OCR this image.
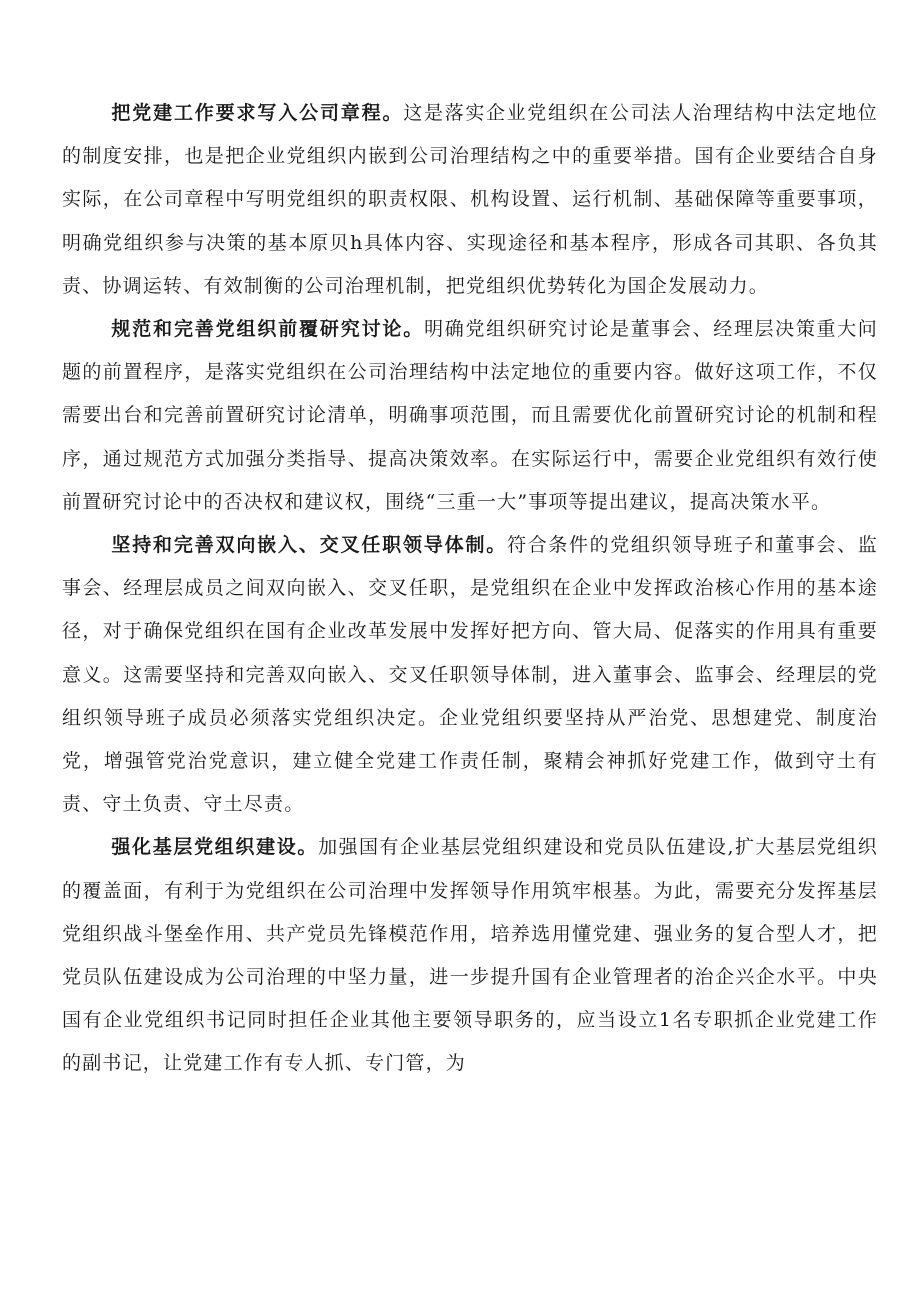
把党建工作要求写入公司章程。这是落实企业党组织在公司法人治理结构中法定地位的制度安排，也是把企业党组织内嵌到公司治理结构之中的重要举措。国有企业要结合自身实际，在公司章程中写明党组织的职责权限、机构设置、运行机制、基础保障等重要事项，明确党组织参与决策的基本原贝h具体内容、实现途径和基本程序，形成各司其职、各负其责、协调运转、有效制衡的公司治理机制，把党组织优势转化为国企发展动力。

规范和完善党组织前覆研究讨论。明确党组织研究讨论是董事会、经理层决策重大问题的前置程序，是落实党组织在公司治理结构中法定地位的重要内容。做好这项工作，不仅需要出台和完善前置研究讨论清单，明确事项范围，而且需要优化前置研究讨论的机制和程序，通过规范方式加强分类指导、提高决策效率。在实际运行中，需要企业党组织有效行使前置研究讨论中的否决权和建议权，围绕“三重一大”事项等提出建议，提高决策水平。

坚持和完善双向嵌入、交叉任职领导体制。符合条件的党组织领导班子和董事会、监事会、经理层成员之间双向嵌入、交叉任职，是党组织在企业中发挥政治核心作用的基本途径，对于确保党组织在国有企业改革发展中发挥好把方向、管大局、促落实的作用具有重要意义。这需要坚持和完善双向嵌入、交叉任职领导体制，进入董事会、监事会、经理层的党组织领导班子成员必须落实党组织决定。企业党组织要坚持从严治党、思想建党、制度治党，增强管党治党意识，建立健全党建工作责任制，聚精会神抓好党建工作，做到守土有责、守土负责、守土尽责。

强化基层党组织建设。加强国有企业基层党组织建设和党员队伍建设,扩大基层党组织的覆盖面，有利于为党组织在公司治理中发挥领导作用筑牢根基。为此，需要充分发挥基层党组织战斗堡垒作用、共产党员先锋模范作用，培养选用懂党建、强业务的复合型人才，把党员队伍建设成为公司治理的中坚力量，进一步提升国有企业管理者的治企兴企水平。中央国有企业党组织书记同时担任企业其他主要领导职务的，应当设立1名专职抓企业党建工作的副书记，让党建工作有专人抓、专门管，为
